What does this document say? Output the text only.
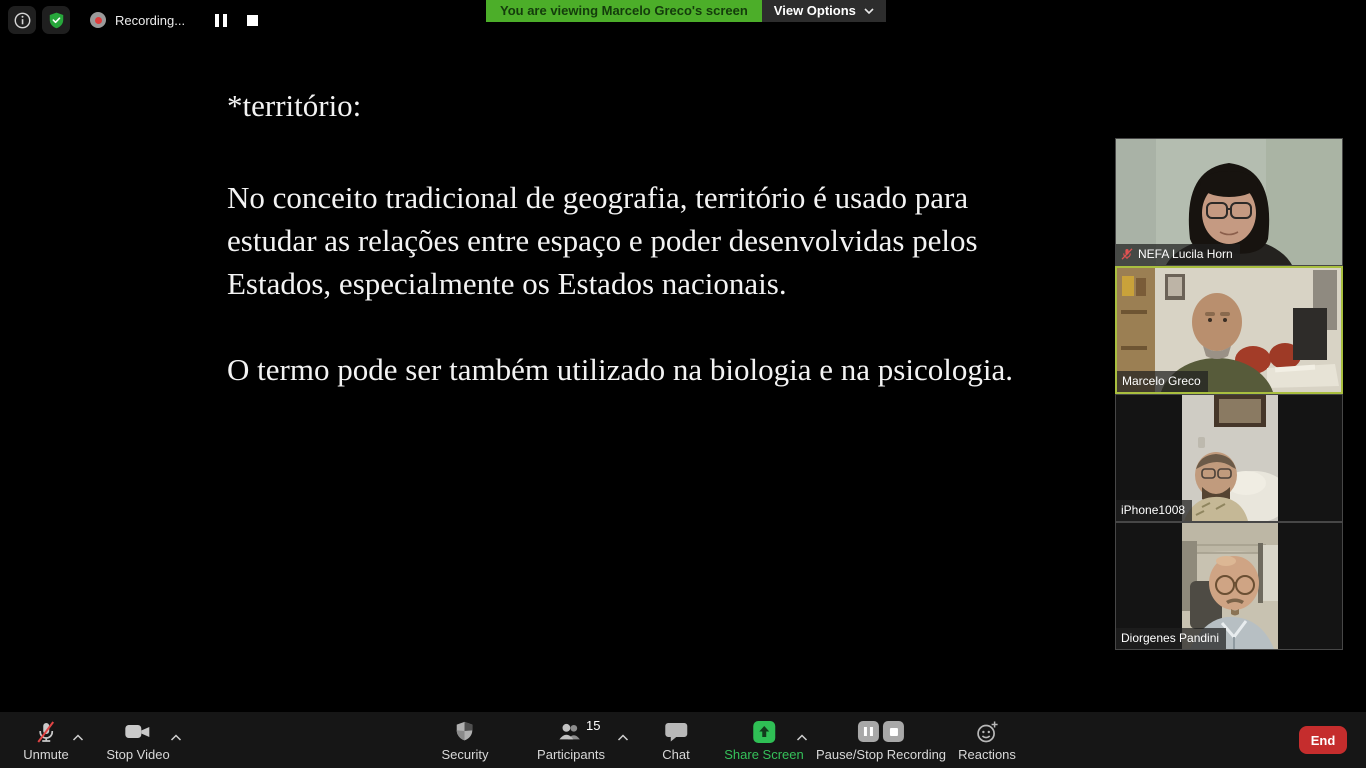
Recording...
You are viewing Marcelo Greco's screen	View Options
*território:
No conceito tradicional de geografia, território é usado para
estudar as relações entre espaço e poder desenvolvidas pelos
Estados, especialmente os Estados nacionais.
O termo pode ser também utilizado na biologia e na psicologia.
NEFA Lucila Horn
Marcelo Greco
iPhone1008
Diorgenes Pandini
Unmute	Stop Video	Security
15
Participants	Chat	Share Screen Pause/Stop Recording Reactions
End
